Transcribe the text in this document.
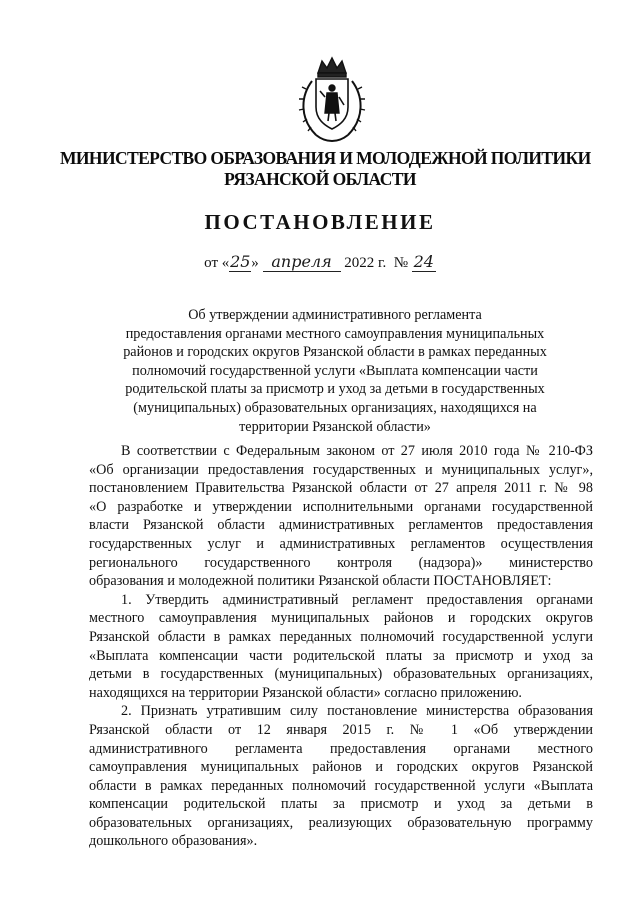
МИНИСТЕРСТВО ОБРАЗОВАНИЯ И МОЛОДЕЖНОЙ ПОЛИТИКИ
РЯЗАНСКОЙ ОБЛАСТИ
ПОСТАНОВЛЕНИЕ
от «25» апреля 2022 г. № 24
Об утверждении административного регламента
предоставления органами местного самоуправления муниципальных
районов и городских округов Рязанской области в рамках переданных
полномочий государственной услуги «Выплата компенсации части
родительской платы за присмотр и уход за детьми в государственных
(муниципальных) образовательных организациях, находящихся на
территории Рязанской области»
В соответствии с Федеральным законом от 27 июля 2010 года № 210-ФЗ
«Об организации предоставления государственных и муниципальных услуг»,
постановлением Правительства Рязанской области от 27 апреля 2011 г. № 98
«О разработке и утверждении исполнительными органами государственной
власти Рязанской области административных регламентов предоставления
государственных услуг и административных регламентов осуществления
регионального государственного контроля (надзора)» министерство
образования и молодежной политики Рязанской области ПОСТАНОВЛЯЕТ:
1. Утвердить административный регламент предоставления органами
местного самоуправления муниципальных районов и городских округов
Рязанской области в рамках переданных полномочий государственной услуги
«Выплата компенсации части родительской платы за присмотр и уход за
детьми в государственных (муниципальных) образовательных организациях,
находящихся на территории Рязанской области» согласно приложению.
2. Признать утратившим силу постановление министерства образования
Рязанской области от 12 января 2015 г. № 1 «Об утверждении
административного регламента предоставления органами местного
самоуправления муниципальных районов и городских округов Рязанской
области в рамках переданных полномочий государственной услуги «Выплата
компенсации родительской платы за присмотр и уход за детьми в
образовательных организациях, реализующих образовательную программу
дошкольного образования».
